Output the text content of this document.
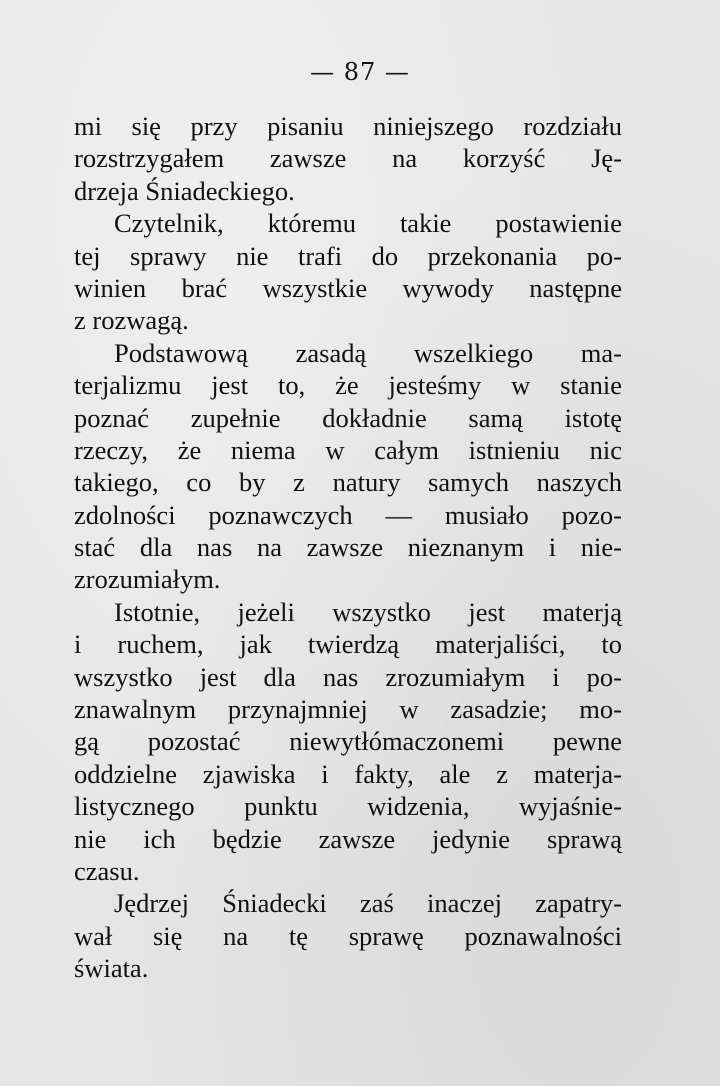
— 87 —
mi się przy pisaniu niniejszego rozdziału
rozstrzygałem zawsze na korzyść Ję-
drzeja Śniadeckiego.
Czytelnik, któremu takie postawienie
tej sprawy nie trafi do przekonania po-
winien brać wszystkie wywody następne
z rozwagą.
Podstawową zasadą wszelkiego ma-
terjalizmu jest to, że jesteśmy w stanie
poznać zupełnie dokładnie samą istotę
rzeczy, że niema w całym istnieniu nic
takiego, co by z natury samych naszych
zdolności poznawczych — musiało pozo-
stać dla nas na zawsze nieznanym i nie-
zrozumiałym.
Istotnie, jeżeli wszystko jest materją
i ruchem, jak twierdzą materjaliści, to
wszystko jest dla nas zrozumiałym i po-
znawalnym przynajmniej w zasadzie; mo-
gą pozostać niewytłómaczonemi pewne
oddzielne zjawiska i fakty, ale z materja-
listycznego punktu widzenia, wyjaśnie-
nie ich będzie zawsze jedynie sprawą
czasu.
Jędrzej Śniadecki zaś inaczej zapatry-
wał się na tę sprawę poznawalności
świata.
